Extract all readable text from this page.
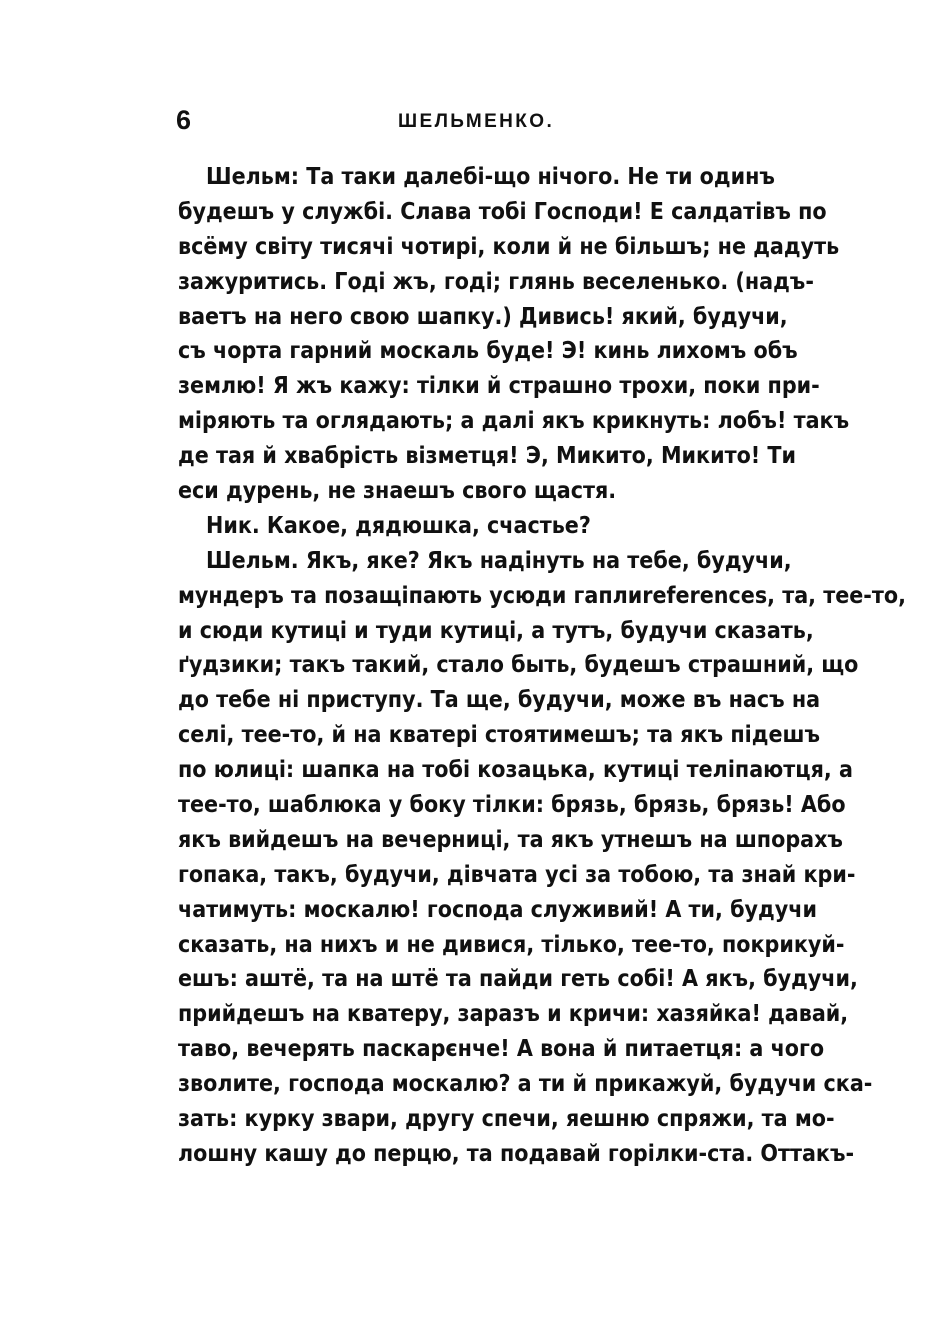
6	ШЕЛЬМЕНКО.
Шельм: Та таки далебі-що нічого. Не ти одинъ
будешъ у службі. Слава тобі Господи! Е салдатівъ по
всёму світу тисячі чотирі, коли й не більшъ; не дадуть
зажуритись. Годі жъ, годі; глянь веселенько. (надъ-
ваетъ на него свою шапку.) Дивись! який, будучи,
съ чорта гарний москаль буде! Э! кинь лихомъ объ
землю! Я жъ кажу: тілки й страшно трохи, поки при-
міряють та оглядають; а далі якъ крикнуть: лобъ! такъ
де тая й хвабрість візметця! Э, Микито, Микито! Ти
еси дурень, не знаешъ свого щастя.
Ник. Какое, дядюшка, счастье?
Шельм. Якъ, яке? Якъ надінуть на тебе, будучи,
мундеръ та позащіпають усюди гаплиreferences, та, тее-то,
и сюди кутиці и туди кутиці, а тутъ, будучи сказать,
ґудзики; такъ такий, стало быть, будешъ страшний, що
до тебе ні приступу. Та ще, будучи, може въ насъ на
селі, тее-то, й на кватері стоятимешъ; та якъ підешъ
по юлиці: шапка на тобі козацька, кутиці теліпаютця, а
тее-то, шаблюка у боку тілки: брязь, брязь, брязь! Або
якъ вийдешъ на вечерниці, та якъ утнешъ на шпорахъ
гопака, такъ, будучи, дівчата усі за тобою, та знай кри-
чатимуть: москалю! господа служивий! А ти, будучи
сказать, на нихъ и не дивися, тілько, тее-то, покрикуй-
ешъ: аштё, та на штё та пайди геть собі! А якъ, будучи,
прийдешъ на кватеру, заразъ и кричи: хазяйка! давай,
таво, вечерять паскарєнче! А вона й питаетця: а чого
зволите, господа москалю? а ти й прикажуй, будучи ска-
зать: курку звари, другу спечи, яешню спряжи, та мо-
лошну кашу до перцю, та подавай горілки-ста. Оттакъ-
